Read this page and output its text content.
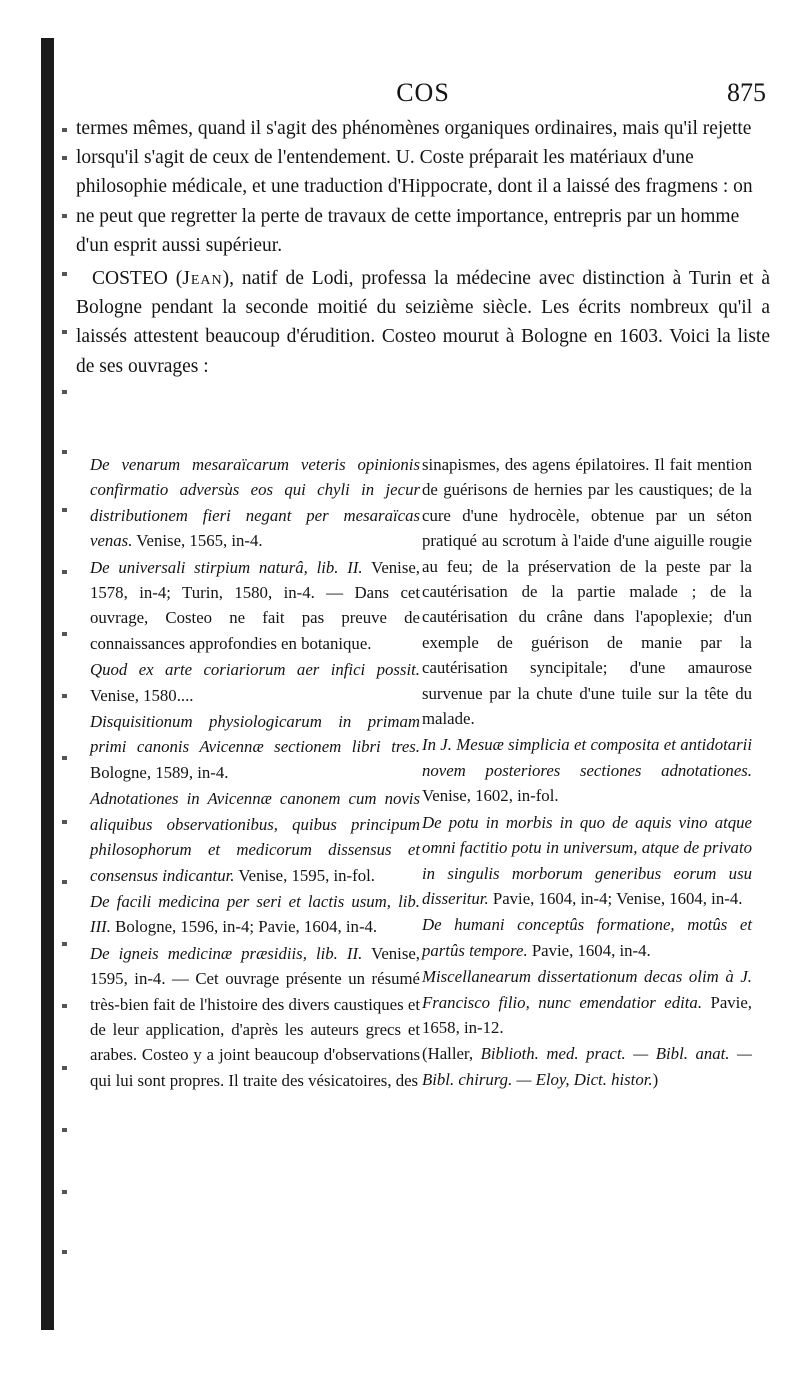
COS	875

termes mêmes, quand il s'agit des phénomènes organiques ordinaires, mais qu'il rejette lorsqu'il s'agit de ceux de l'entendement. U. Coste préparait les matériaux d'une philosophie médicale, et une traduction d'Hippocrate, dont il a laissé des fragmens : on ne peut que regretter la perte de travaux de cette importance, entrepris par un homme d'un esprit aussi supérieur.

COSTEO (Jean), natif de Lodi, professa la médecine avec distinction à Turin et à Bologne pendant la seconde moitié du seizième siècle. Les écrits nombreux qu'il a laissés attestent beaucoup d'érudition. Costeo mourut à Bologne en 1603. Voici la liste de ses ouvrages :

De venarum mesaraïcarum veteris opinionis confirmatio adversùs eos qui chyli in jecur distributionem fieri negant per mesaraïcas venas. Venise, 1565, in-4.

De universali stirpium naturâ, lib. II. Venise, 1578, in-4; Turin, 1580, in-4. — Dans cet ouvrage, Costeo ne fait pas preuve de connaissances approfondies en botanique.

Quod ex arte coriariorum aer infici possit. Venise, 1580....

Disquisitionum physiologicarum in primam primi canonis Avicennæ sectionem libri tres. Bologne, 1589, in-4.

Adnotationes in Avicennæ canonem cum novis aliquibus observationibus, quibus principum philosophorum et medicorum dissensus et consensus indicantur. Venise, 1595, in-fol.

De facili medicina per seri et lactis usum, lib. III. Bologne, 1596, in-4; Pavie, 1604, in-4.

De igneis medicinæ præsidiis, lib. II. Venise, 1595, in-4. — Cet ouvrage présente un résumé très-bien fait de l'histoire des divers caustiques et de leur application, d'après les auteurs grecs et arabes. Costeo y a joint beaucoup d'observations qui lui sont propres. Il traite des vésicatoires, des

sinapismes, des agens épilatoires. Il fait mention de guérisons de hernies par les caustiques; de la cure d'une hydrocèle, obtenue par un séton pratiqué au scrotum à l'aide d'une aiguille rougie au feu; de la préservation de la peste par la cautérisation de la partie malade ; de la cautérisation du crâne dans l'apoplexie; d'un exemple de guérison de manie par la cautérisation syncipitale; d'une amaurose survenue par la chute d'une tuile sur la tête du malade.

In J. Mesuæ simplicia et composita et antidotarii novem posteriores sectiones adnotationes. Venise, 1602, in-fol.

De potu in morbis in quo de aquis vino atque omni factitio potu in universum, atque de privato in singulis morborum generibus eorum usu disseritur. Pavie, 1604, in-4; Venise, 1604, in-4.

De humani conceptûs formatione, motûs et partûs tempore. Pavie, 1604, in-4.

Miscellanearum dissertationum decas olim à J. Francisco filio, nunc emendatior edita. Pavie, 1658, in-12.

(Haller, Biblioth. med. pract. — Bibl. anat. — Bibl. chirurg. — Eloy, Dict. histor.)
